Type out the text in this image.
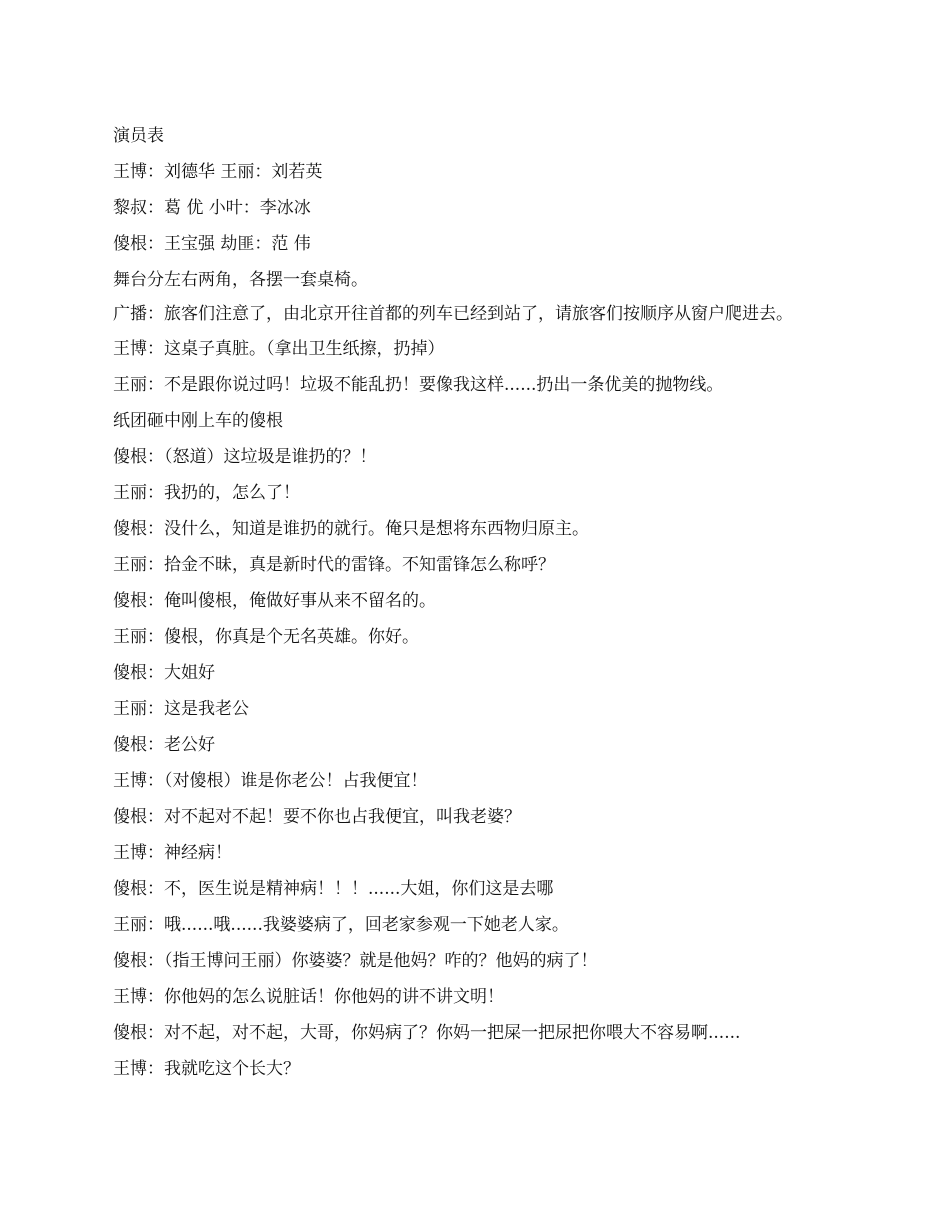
演员表

王博：刘德华 王丽：刘若英

黎叔：葛 优 小叶：李冰冰

傻根：王宝强 劫匪：范 伟

舞台分左右两角，各摆一套桌椅。

广播：旅客们注意了，由北京开往首都的列车已经到站了，请旅客们按顺序从窗户爬进去。

王博：这桌子真脏。（拿出卫生纸擦，扔掉）

王丽：不是跟你说过吗！垃圾不能乱扔！要像我这样......扔出一条优美的抛物线。

纸团砸中刚上车的傻根

傻根：（怒道）这垃圾是谁扔的？！

王丽：我扔的，怎么了！

傻根：没什么，知道是谁扔的就行。俺只是想将东西物归原主。

王丽：拾金不昧，真是新时代的雷锋。不知雷锋怎么称呼？

傻根：俺叫傻根，俺做好事从来不留名的。

王丽：傻根，你真是个无名英雄。你好。

傻根：大姐好

王丽：这是我老公

傻根：老公好

王博：（对傻根）谁是你老公！占我便宜！

傻根：对不起对不起！要不你也占我便宜，叫我老婆？

王博：神经病！

傻根：不，医生说是精神病！！！......大姐，你们这是去哪

王丽：哦......哦......我婆婆病了，回老家参观一下她老人家。

傻根：（指王博问王丽）你婆婆？就是他妈？咋的？他妈的病了！

王博：你他妈的怎么说脏话！你他妈的讲不讲文明！

傻根：对不起，对不起，大哥，你妈病了？你妈一把屎一把尿把你喂大不容易啊......

王博：我就吃这个长大？
